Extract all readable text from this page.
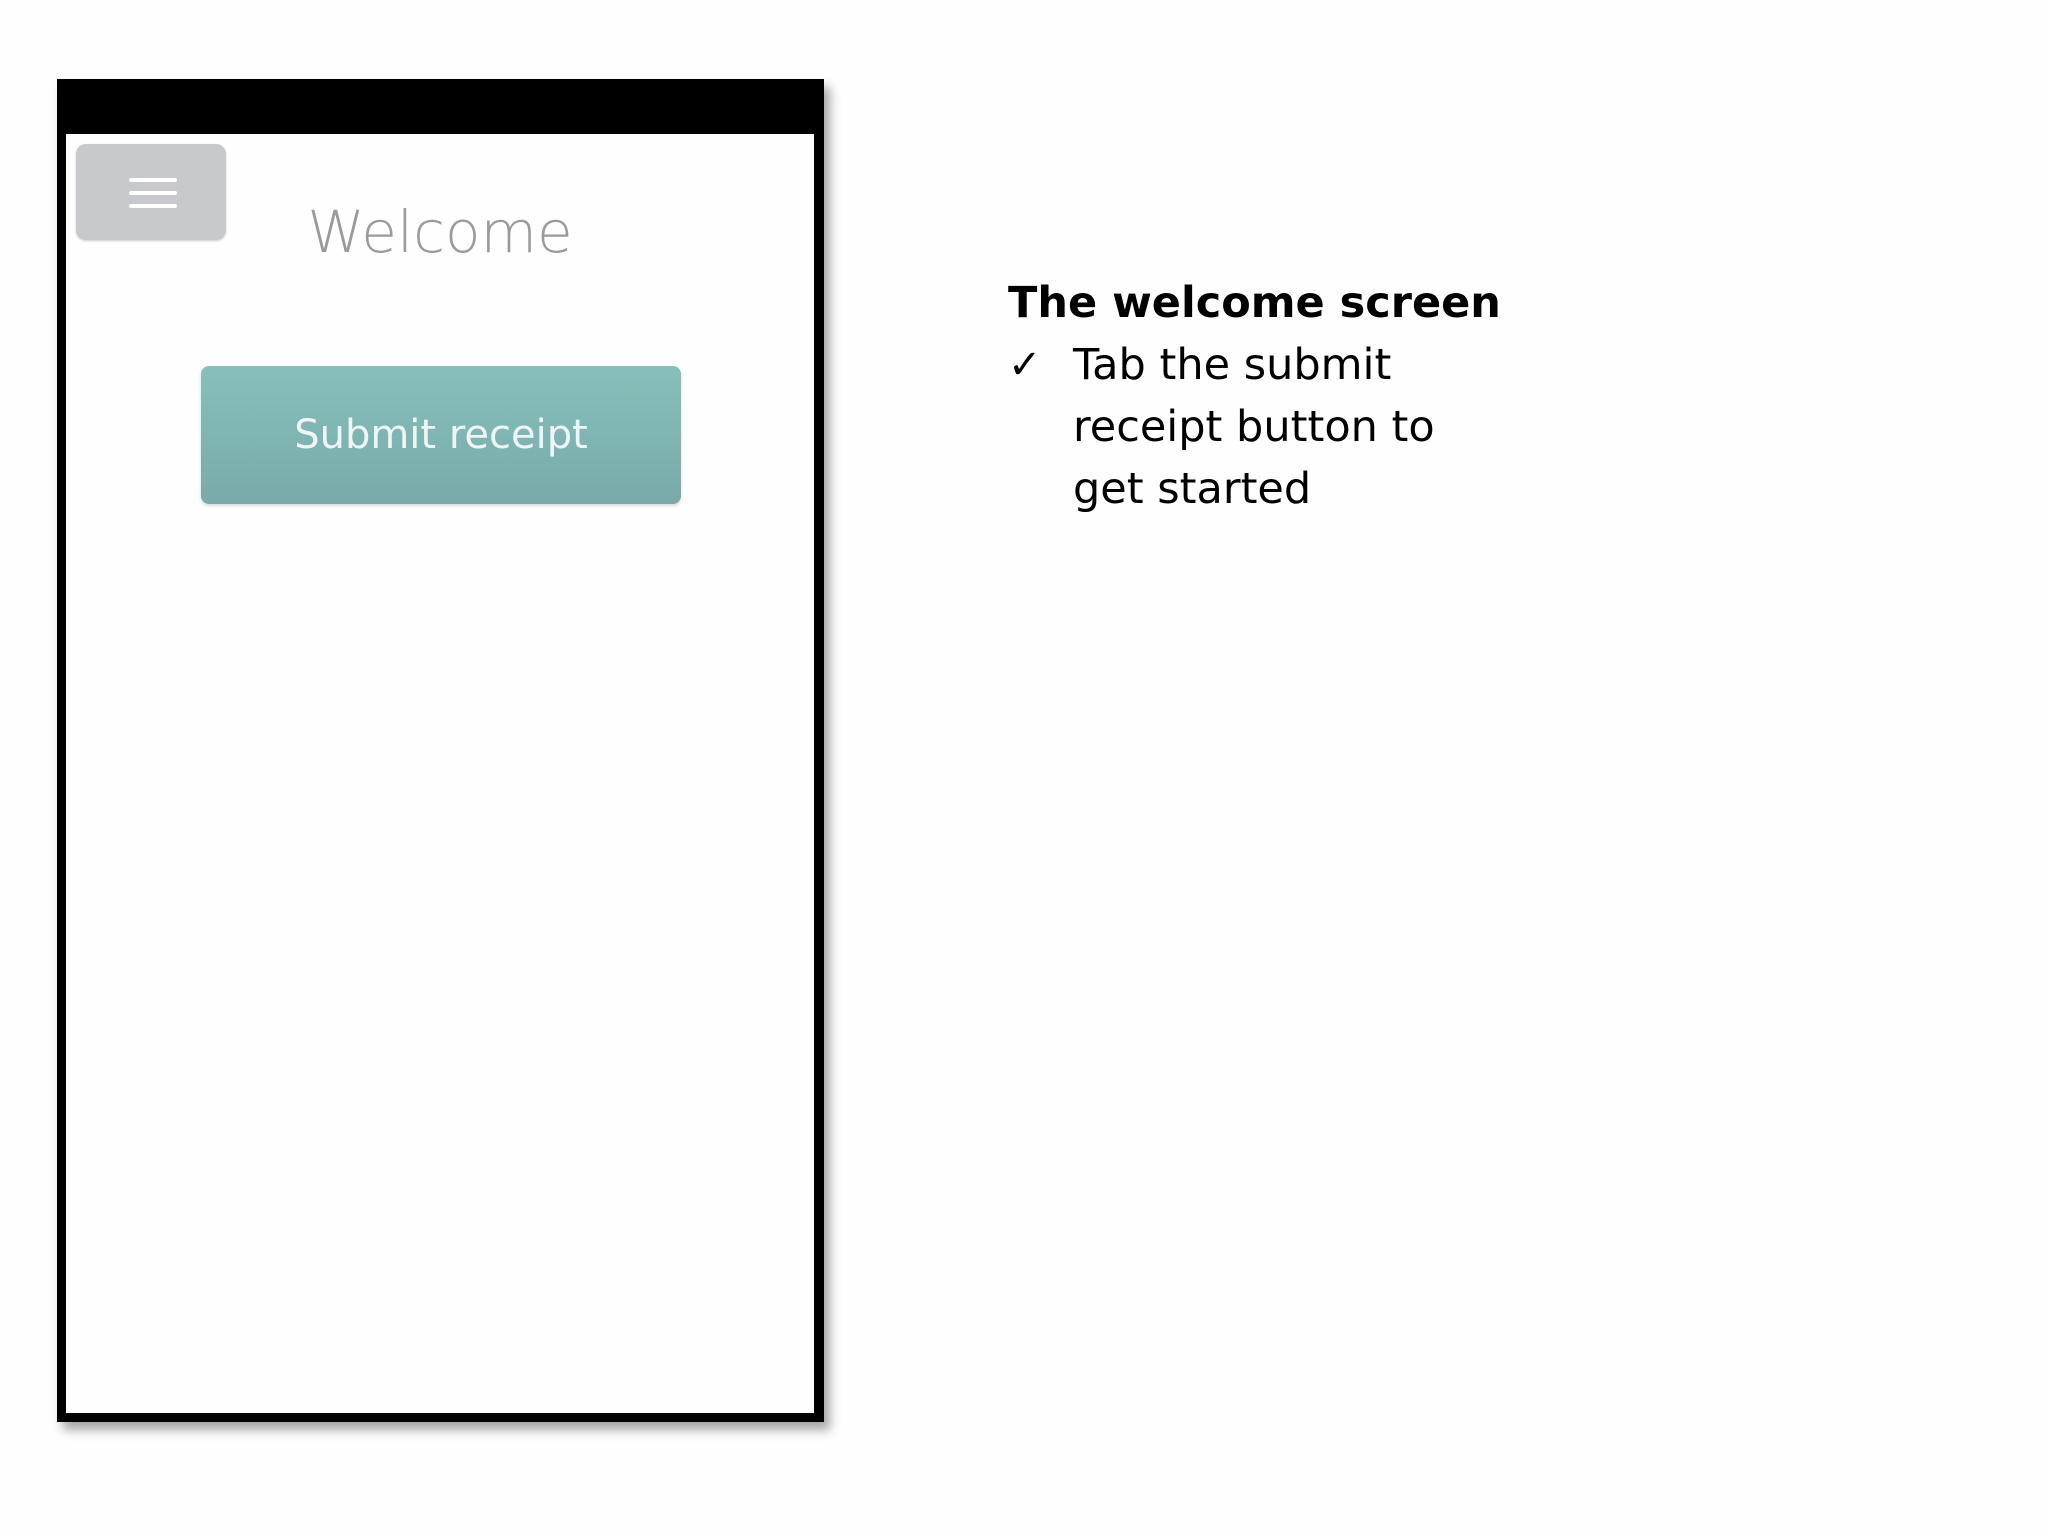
Welcome
Submit receipt
The welcome screen
✓ Tab the submit receipt button to get started
